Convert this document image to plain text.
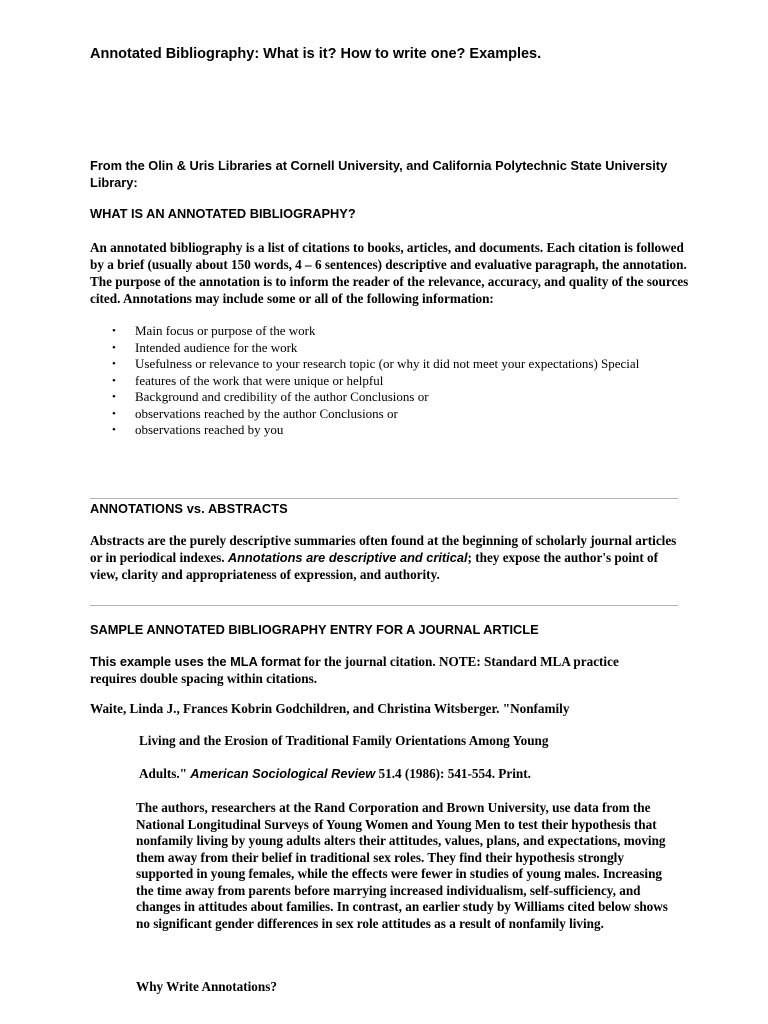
Annotated Bibliography: What is it? How to write one? Examples.

From the Olin & Uris Libraries at Cornell University, and California Polytechnic State University Library:

WHAT IS AN ANNOTATED BIBLIOGRAPHY?

An annotated bibliography is a list of citations to books, articles, and documents. Each citation is followed by a brief (usually about 150 words, 4 – 6 sentences) descriptive and evaluative paragraph, the annotation. The purpose of the annotation is to inform the reader of the relevance, accuracy, and quality of the sources cited. Annotations may include some or all of the following information:

• Main focus or purpose of the work
• Intended audience for the work
• Usefulness or relevance to your research topic (or why it did not meet your expectations) Special
• features of the work that were unique or helpful
• Background and credibility of the author Conclusions or
• observations reached by the author Conclusions or
• observations reached by you
ANNOTATIONS vs. ABSTRACTS

Abstracts are the purely descriptive summaries often found at the beginning of scholarly journal articles or in periodical indexes. Annotations are descriptive and critical; they expose the author's point of view, clarity and appropriateness of expression, and authority.

SAMPLE ANNOTATED BIBLIOGRAPHY ENTRY FOR A JOURNAL ARTICLE

This example uses the MLA format for the journal citation. NOTE: Standard MLA practice requires double spacing within citations.

Waite, Linda J., Frances Kobrin Godchildren, and Christina Witsberger. "Nonfamily

Living and the Erosion of Traditional Family Orientations Among Young

Adults." American Sociological Review 51.4 (1986): 541-554. Print.

The authors, researchers at the Rand Corporation and Brown University, use data from the National Longitudinal Surveys of Young Women and Young Men to test their hypothesis that nonfamily living by young adults alters their attitudes, values, plans, and expectations, moving them away from their belief in traditional sex roles. They find their hypothesis strongly supported in young females, while the effects were fewer in studies of young males. Increasing the time away from parents before marrying increased individualism, self-sufficiency, and changes in attitudes about families. In contrast, an earlier study by Williams cited below shows no significant gender differences in sex role attitudes as a result of nonfamily living.

Why Write Annotations?
